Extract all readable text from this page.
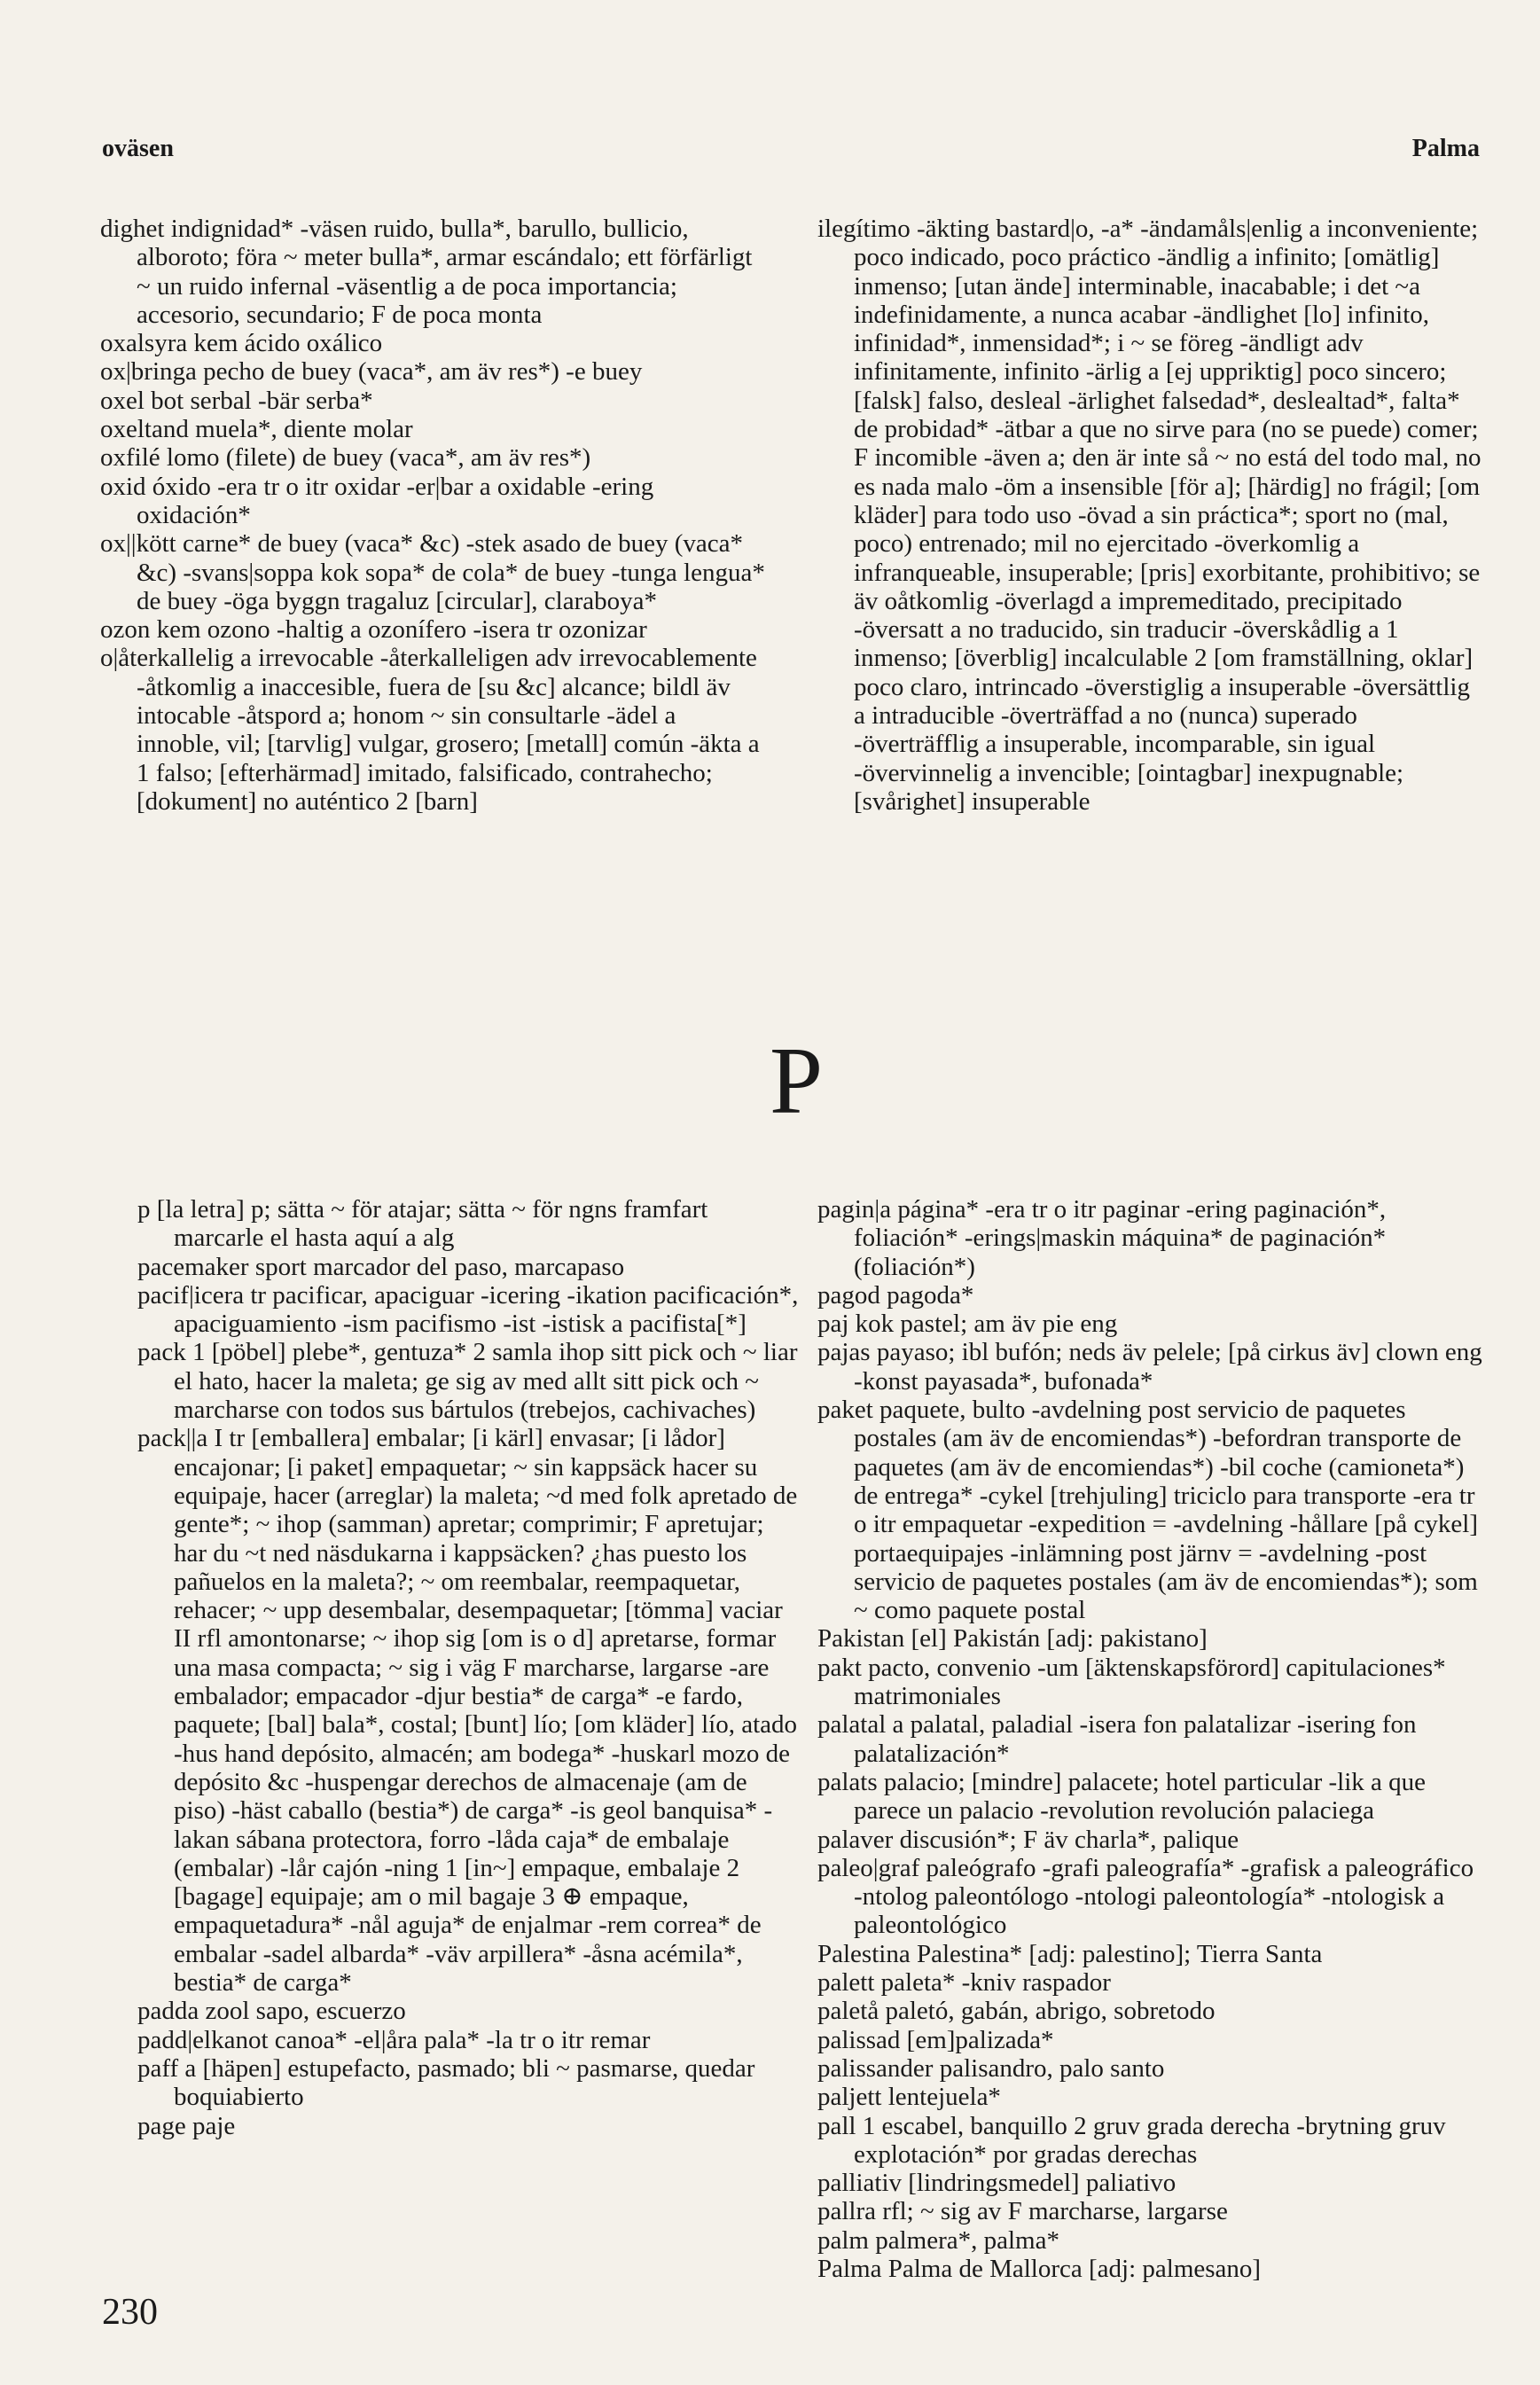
oväsen	Palma

dighet indignidad* -väsen ruido, bulla*, barullo, bullicio, alboroto; föra ~ meter bulla*, armar escándalo; ett förfärligt ~ un ruido infernal -väsentlig a de poca importancia; accesorio, secundario; F de poca monta

oxalsyra kem ácido oxálico

ox|bringa pecho de buey (vaca*, am äv res*) -e buey

oxel bot serbal -bär serba*

oxeltand muela*, diente molar

oxfilé lomo (filete) de buey (vaca*, am äv res*)

oxid óxido -era tr o itr oxidar -er|bar a oxidable -ering oxidación*

ox||kött carne* de buey (vaca* &c) -stek asado de buey (vaca* &c) -svans|soppa kok sopa* de cola* de buey -tunga lengua* de buey -öga byggn tragaluz [circular], claraboya*

ozon kem ozono -haltig a ozonífero -isera tr ozonizar

o|återkallelig a irrevocable -återkalleligen adv irrevocablemente -åtkomlig a inaccesible, fuera de [su &c] alcance; bildl äv intocable -åtspord a; honom ~ sin consultarle -ädel a innoble, vil; [tarvlig] vulgar, grosero; [metall] común -äkta a 1 falso; [efterhärmad] imitado, falsificado, contrahecho; [dokument] no auténtico 2 [barn]

ilegítimo -äkting bastard|o, -a* -ändamåls|enlig a inconveniente; poco indicado, poco práctico -ändlig a infinito; [omätlig] inmenso; [utan ände] interminable, inacabable; i det ~a indefinidamente, a nunca acabar -ändlighet [lo] infinito, infinidad*, inmensidad*; i ~ se föreg -ändligt adv infinitamente, infinito -ärlig a [ej uppriktig] poco sincero; [falsk] falso, desleal -ärlighet falsedad*, deslealtad*, falta* de probidad* -ätbar a que no sirve para (no se puede) comer; F incomible -även a; den är inte så ~ no está del todo mal, no es nada malo -öm a insensible [för a]; [härdig] no frágil; [om kläder] para todo uso -övad a sin práctica*; sport no (mal, poco) entrenado; mil no ejercitado -överkomlig a infranqueable, insuperable; [pris] exorbitante, prohibitivo; se äv oåtkomlig -överlagd a impremeditado, precipitado -översatt a no traducido, sin traducir -överskådlig a 1 inmenso; [överblig] incalculable 2 [om framställning, oklar] poco claro, intrincado -överstiglig a insuperable -översättlig a intraducible -överträffad a no (nunca) superado -överträfflig a insuperable, incomparable, sin igual -övervinnelig a invencible; [ointagbar] inexpugnable; [svårighet] insuperable

P

p [la letra] p; sätta ~ för atajar; sätta ~ för ngns framfart marcarle el hasta aquí a alg

pacemaker sport marcador del paso, marcapaso

pacif|icera tr pacificar, apaciguar -icering -ikation pacificación*, apaciguamiento -ism pacifismo -ist -istisk a pacifista[*]

pack 1 [pöbel] plebe*, gentuza* 2 samla ihop sitt pick och ~ liar el hato, hacer la maleta; ge sig av med allt sitt pick och ~ marcharse con todos sus bártulos (trebejos, cachivaches)

pack||a I tr [emballera] embalar; [i kärl] envasar; [i lådor] encajonar; [i paket] empaquetar; ~ sin kappsäck hacer su equipaje, hacer (arreglar) la maleta; ~d med folk apretado de gente*; ~ ihop (samman) apretar; comprimir; F apretujar; har du ~t ned näsdukarna i kappsäcken? ¿has puesto los pañuelos en la maleta?; ~ om reembalar, reempaquetar, rehacer; ~ upp desembalar, desempaquetar; [tömma] vaciar II rfl amontonarse; ~ ihop sig [om is o d] apretarse, formar una masa compacta; ~ sig i väg F marcharse, largarse -are embalador; empacador -djur bestia* de carga* -e fardo, paquete; [bal] bala*, costal; [bunt] lío; [om kläder] lío, atado -hus hand depósito, almacén; am bodega* -huskarl mozo de depósito &c -huspengar derechos de almacenaje (am de piso) -häst caballo (bestia*) de carga* -is geol banquisa* -lakan sábana protectora, forro -låda caja* de embalaje (embalar) -lår cajón -ning 1 [in~] empaque, embalaje 2 [bagage] equipaje; am o mil bagaje 3 ⊕ empaque, empaquetadura* -nål aguja* de enjalmar -rem correa* de embalar -sadel albarda* -väv arpillera* -åsna acémila*, bestia* de carga*

padda zool sapo, escuerzo

padd|elkanot canoa* -el|åra pala* -la tr o itr remar

paff a [häpen] estupefacto, pasmado; bli ~ pasmarse, quedar boquiabierto

page paje

pagin|a página* -era tr o itr paginar -ering paginación*, foliación* -erings|maskin máquina* de paginación* (foliación*)

pagod pagoda*

paj kok pastel; am äv pie eng

pajas payaso; ibl bufón; neds äv pelele; [på cirkus äv] clown eng -konst payasada*, bufonada*

paket paquete, bulto -avdelning post servicio de paquetes postales (am äv de encomiendas*) -befordran transporte de paquetes (am äv de encomiendas*) -bil coche (camioneta*) de entrega* -cykel [trehjuling] triciclo para transporte -era tr o itr empaquetar -expedition = -avdelning -hållare [på cykel] portaequipajes -inlämning post järnv = -avdelning -post servicio de paquetes postales (am äv de encomiendas*); som ~ como paquete postal

Pakistan [el] Pakistán [adj: pakistano]

pakt pacto, convenio -um [äktenskapsförord] capitulaciones* matrimoniales

palatal a palatal, paladial -isera fon palatalizar -isering fon palatalización*

palats palacio; [mindre] palacete; hotel particular -lik a que parece un palacio -revolution revolución palaciega

palaver discusión*; F äv charla*, palique

paleo|graf paleógrafo -grafi paleografía* -grafisk a paleográfico -ntolog paleontólogo -ntologi paleontología* -ntologisk a paleontológico

Palestina Palestina* [adj: palestino]; Tierra Santa

palett paleta* -kniv raspador

paletå paletó, gabán, abrigo, sobretodo

palissad [em]palizada*

palissander palisandro, palo santo

paljett lentejuela*

pall 1 escabel, banquillo 2 gruv grada derecha -brytning gruv explotación* por gradas derechas

palliativ [lindringsmedel] paliativo

pallra rfl; ~ sig av F marcharse, largarse

palm palmera*, palma*

Palma Palma de Mallorca [adj: palmesano]

230
